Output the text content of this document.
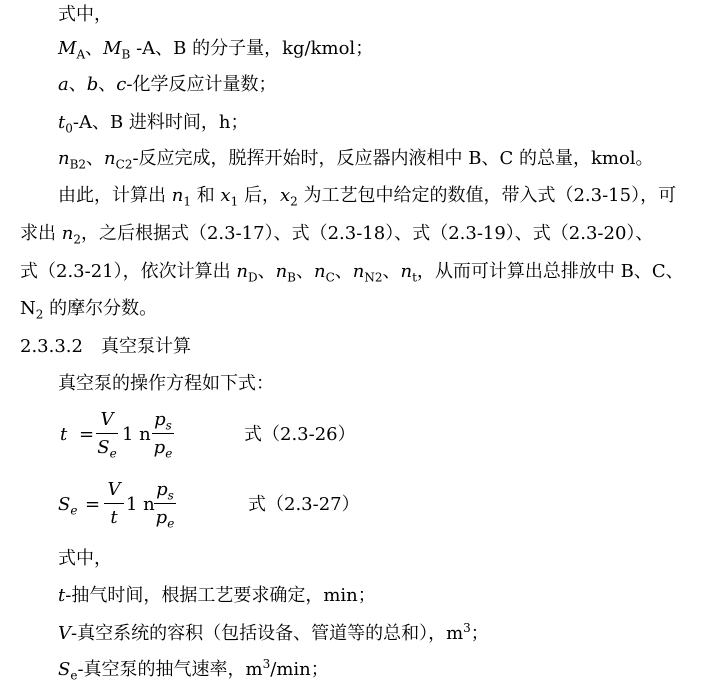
式中，
$M_A$、$M_B$ -A、B 的分子量，kg/kmol；
a、b、c-化学反应计量数；
$t_0-A$、B 进料时间，h；
$n_{B2}$、$n_{C2}-$反应完成，脱挥开始时，反应器内液相中 B、C 的总量，kmol。
由此，计算出 $n_1$ 和 $x_1$ 后，$x_2$ 为工艺包中给定的数值，带入式（2.3-15），可
求出 $n_2$，之后根据式（2.3-17）、式（2.3-18）、式（2.3-19）、式（2.3-20）、
式（2.3-21），依次计算出 $n_D$、$n_B$、$n_C$、$n_{N2}$、$n_t$，从而可计算出总排放中 B、C、
$N_2$ 的摩尔分数。
2.3.3.2　真空泵计算
真空泵的操作方程如下式：
t =
V
$S_e$
1 n
$p_s$
$p_e$
式（2.3-26）
$S_e$ =
V
t
1 n
$p_s$
$p_e$
式（2.3-27）
式中，
t-抽气时间，根据工艺要求确定，min；
V-真空系统的容积（包括设备、管道等的总和），$m^3$；
$S_e-$真空泵的抽气速率，$m^3/\min$；
